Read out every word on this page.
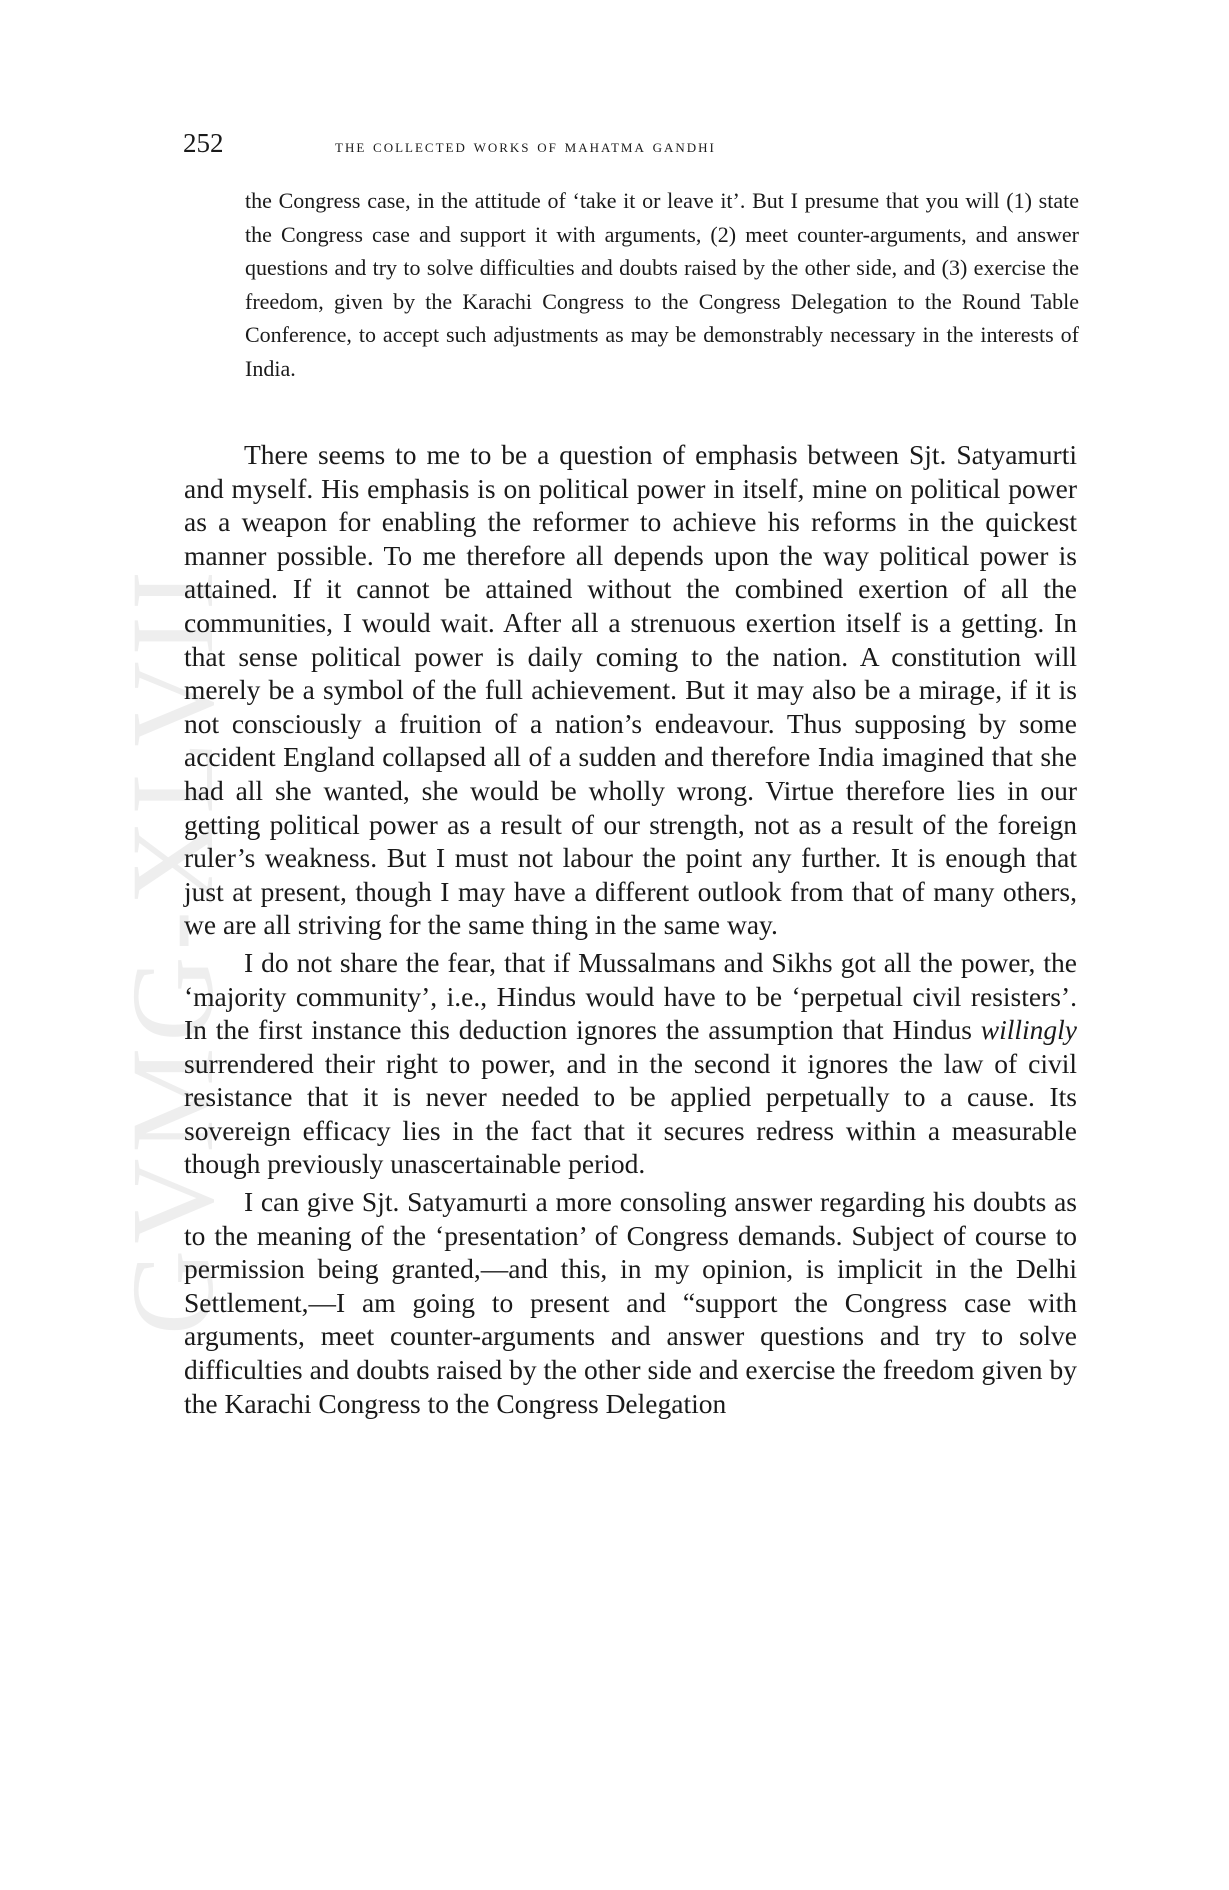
GVMG-XLVII
252	the collected works of mahatma gandhi

the Congress case, in the attitude of ‘take it or leave it’. But I presume that you will (1) state the Congress case and support it with arguments, (2) meet counter-arguments, and answer questions and try to solve difficulties and doubts raised by the other side, and (3) exercise the freedom, given by the Karachi Congress to the Congress Delegation to the Round Table Conference, to accept such adjustments as may be demonstrably necessary in the interests of India.

There seems to me to be a question of emphasis between Sjt. Satyamurti and myself. His emphasis is on political power in itself, mine on political power as a weapon for enabling the reformer to achieve his reforms in the quickest manner possible. To me therefore all depends upon the way political power is attained. If it cannot be attained without the combined exertion of all the communities, I would wait. After all a strenuous exertion itself is a getting. In that sense political power is daily coming to the nation. A constitution will merely be a symbol of the full achievement. But it may also be a mirage, if it is not consciously a fruition of a nation’s endeavour. Thus supposing by some accident England collapsed all of a sudden and therefore India imagined that she had all she wanted, she would be wholly wrong. Virtue therefore lies in our getting political power as a result of our strength, not as a result of the foreign ruler’s weakness. But I must not labour the point any further. It is enough that just at present, though I may have a different outlook from that of many others, we are all striving for the same thing in the same way.

I do not share the fear, that if Mussalmans and Sikhs got all the power, the ‘majority community’, i.e., Hindus would have to be ‘perpetual civil resisters’. In the first instance this deduction ignores the assumption that Hindus willingly surrendered their right to power, and in the second it ignores the law of civil resistance that it is never needed to be applied perpetually to a cause. Its sovereign efficacy lies in the fact that it secures redress within a measurable though previously unascertainable period.

I can give Sjt. Satyamurti a more consoling answer regarding his doubts as to the meaning of the ‘presentation’ of Congress demands. Subject of course to permission being granted,—and this, in my opinion, is implicit in the Delhi Settlement,—I am going to present and “support the Congress case with arguments, meet counter-arguments and answer questions and try to solve difficulties and doubts raised by the other side and exercise the freedom given by the Karachi Congress to the Congress Delegation
